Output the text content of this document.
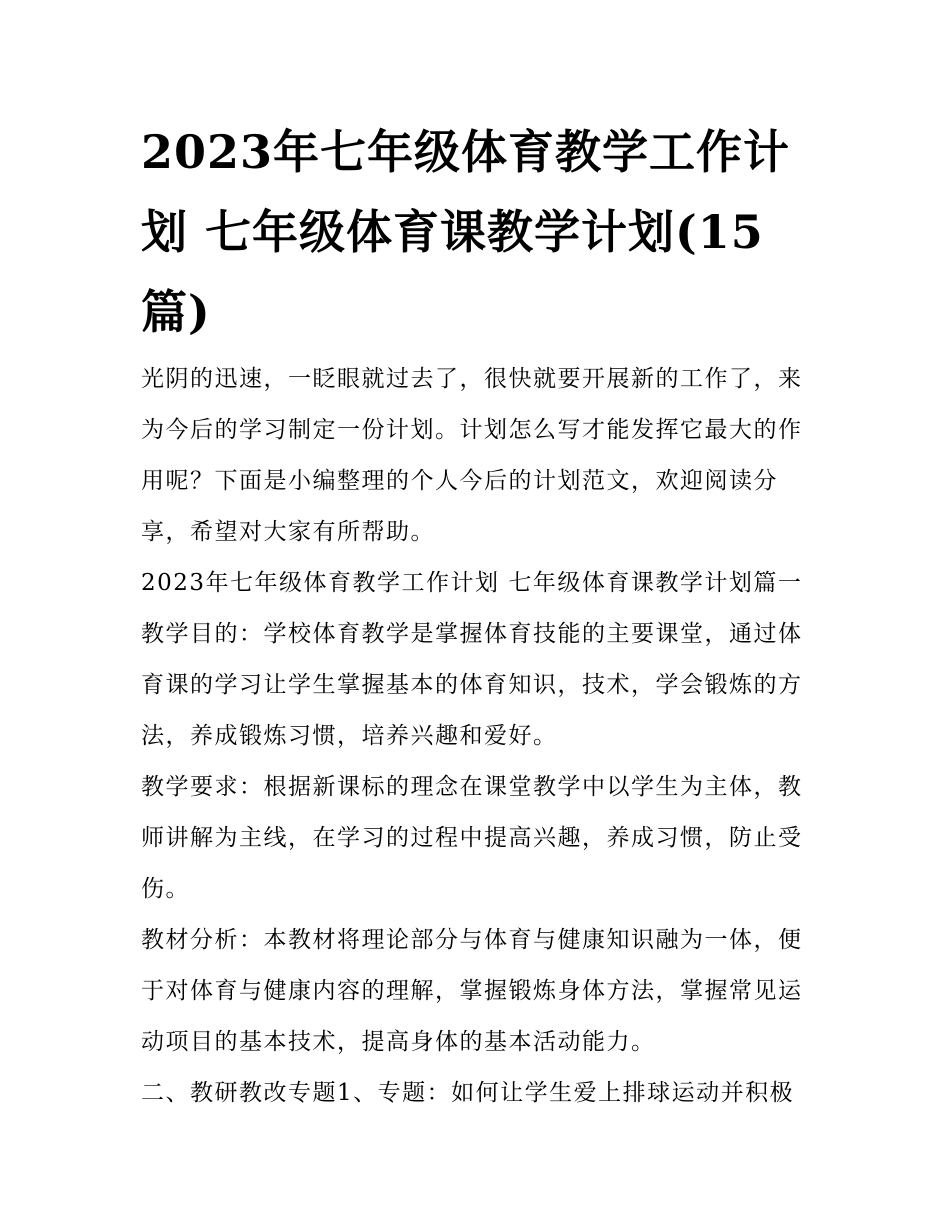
2023年七年级体育教学工作计划 七年级体育课教学计划(15篇)

光阴的迅速，一眨眼就过去了，很快就要开展新的工作了，来为今后的学习制定一份计划。计划怎么写才能发挥它最大的作用呢？下面是小编整理的个人今后的计划范文，欢迎阅读分享，希望对大家有所帮助。

2023年七年级体育教学工作计划 七年级体育课教学计划篇一

教学目的：学校体育教学是掌握体育技能的主要课堂，通过体育课的学习让学生掌握基本的体育知识，技术，学会锻炼的方法，养成锻炼习惯，培养兴趣和爱好。

教学要求：根据新课标的理念在课堂教学中以学生为主体，教师讲解为主线，在学习的过程中提高兴趣，养成习惯，防止受伤。

教材分析：本教材将理论部分与体育与健康知识融为一体，便于对体育与健康内容的理解，掌握锻炼身体方法，掌握常见运动项目的基本技术，提高身体的基本活动能力。

二、教研教改专题1、专题：如何让学生爱上排球运动并积极
